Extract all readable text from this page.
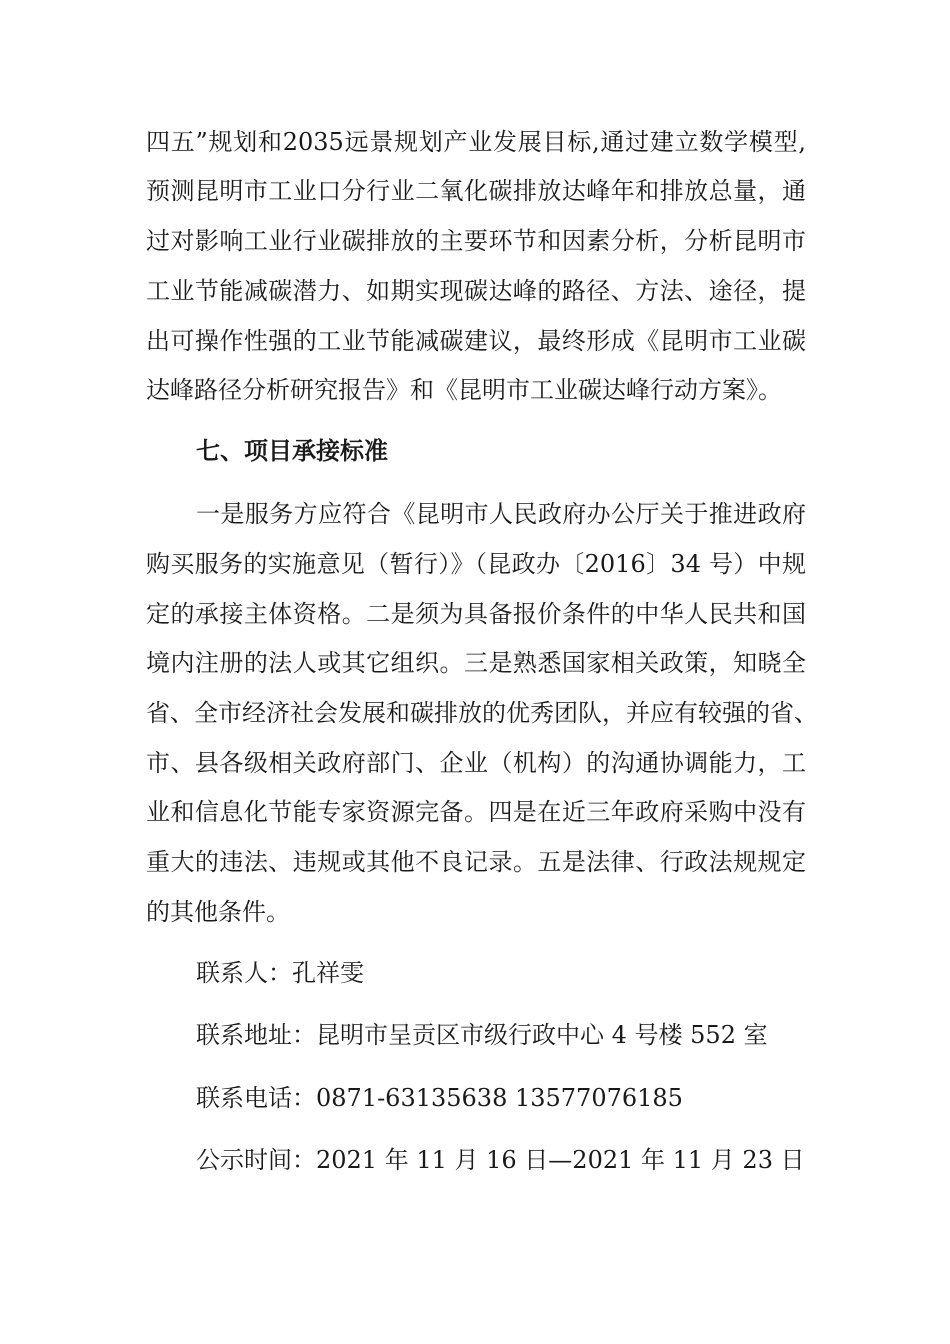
四五”规划和2035远景规划产业发展目标,通过建立数学模型,
预测昆明市工业口分行业二氧化碳排放达峰年和排放总量，通
过对影响工业行业碳排放的主要环节和因素分析，分析昆明市
工业节能减碳潜力、如期实现碳达峰的路径、方法、途径，提
出可操作性强的工业节能减碳建议，最终形成《昆明市工业碳
达峰路径分析研究报告》和《昆明市工业碳达峰行动方案》。
七、项目承接标准
一是服务方应符合《昆明市人民政府办公厅关于推进政府
购买服务的实施意见（暂行）》（昆政办〔2016〕34 号）中规
定的承接主体资格。二是须为具备报价条件的中华人民共和国
境内注册的法人或其它组织。三是熟悉国家相关政策，知晓全
省、全市经济社会发展和碳排放的优秀团队，并应有较强的省、
市、县各级相关政府部门、企业（机构）的沟通协调能力，工
业和信息化节能专家资源完备。四是在近三年政府采购中没有
重大的违法、违规或其他不良记录。五是法律、行政法规规定
的其他条件。
联系人：孔祥雯
联系地址：昆明市呈贡区市级行政中心 4 号楼 552 室
联系电话：0871-63135638 13577076185
公示时间：2021 年 11 月 16 日—2021 年 11 月 23 日
